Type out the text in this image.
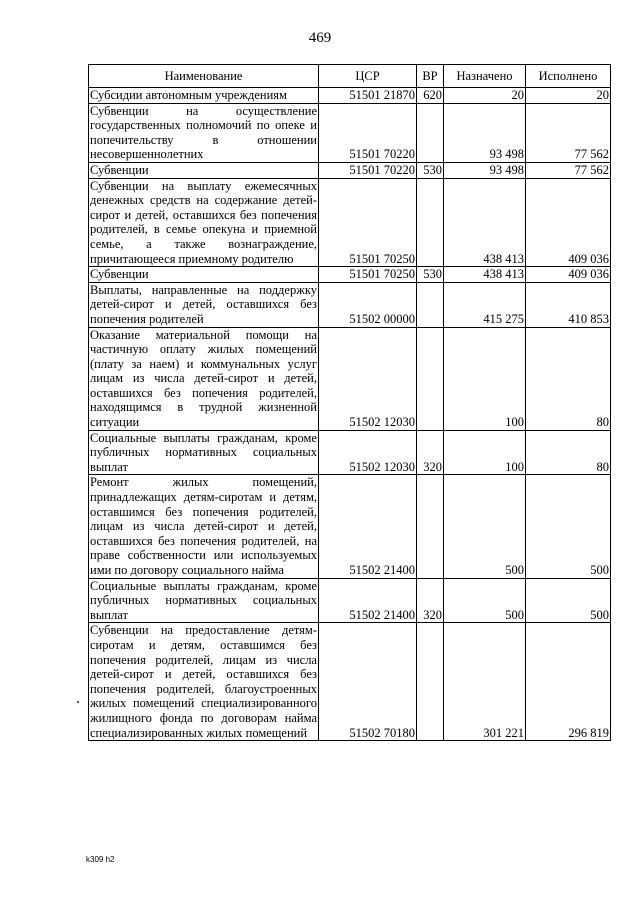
469
Наименование	ЦСР	ВР	Назначено	Исполнено
Субсидии автономным учреждениям	51501 21870	620	20	20
Субвенции на осуществление государственных полномочий по опеке и попечительству в отношении несовершеннолетних	51501 70220		93 498	77 562
Субвенции	51501 70220	530	93 498	77 562
Субвенции на выплату ежемесячных денежных средств на содержание детей-сирот и детей, оставшихся без попечения родителей, в семье опекуна и приемной семье, а также вознаграждение, причитающееся приемному родителю	51501 70250		438 413	409 036
Субвенции	51501 70250	530	438 413	409 036
Выплаты, направленные на поддержку детей-сирот и детей, оставшихся без попечения родителей	51502 00000		415 275	410 853
Оказание материальной помощи на частичную оплату жилых помещений (плату за наем) и коммунальных услуг лицам из числа детей-сирот и детей, оставшихся без попечения родителей, находящимся в трудной жизненной ситуации	51502 12030		100	80
Социальные выплаты гражданам, кроме публичных нормативных социальных выплат	51502 12030	320	100	80
Ремонт жилых помещений, принадлежащих детям-сиротам и детям, оставшимся без попечения родителей, лицам из числа детей-сирот и детей, оставшихся без попечения родителей, на праве собственности или используемых ими по договору социального найма	51502 21400		500	500
Социальные выплаты гражданам, кроме публичных нормативных социальных выплат	51502 21400	320	500	500
Субвенции на предоставление детям-сиротам и детям, оставшимся без попечения родителей, лицам из числа детей-сирот и детей, оставшихся без попечения родителей, благоустроенных жилых помещений специализированного жилищного фонда по договорам найма специализированных жилых помещений	51502 70180		301 221	296 819
k309 h2
